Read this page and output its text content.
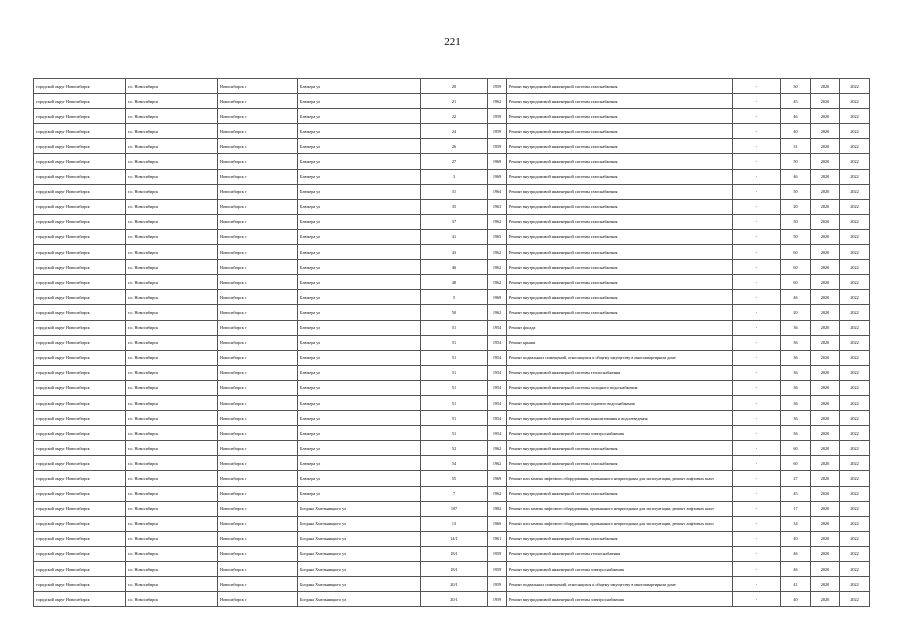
221
городской округ Новосибирск	г.о. Новосибирск	Новосибирск г	Блюхера ул	20	1959	Ремонт внутридомовой инженерной системы газоснабжения	-	30	2020	2022
городской округ Новосибирск	г.о. Новосибирск	Новосибирск г	Блюхера ул	21	1962	Ремонт внутридомовой инженерной системы газоснабжения	-	45	2020	2022
городской округ Новосибирск	г.о. Новосибирск	Новосибирск г	Блюхера ул	22	1959	Ремонт внутридомовой инженерной системы газоснабжения	-	46	2020	2022
городской округ Новосибирск	г.о. Новосибирск	Новосибирск г	Блюхера ул	24	1959	Ремонт внутридомовой инженерной системы газоснабжения	-	40	2020	2022
городской округ Новосибирск	г.о. Новосибирск	Новосибирск г	Блюхера ул	26	1959	Ремонт внутридомовой инженерной системы газоснабжения	-	31	2020	2022
городской округ Новосибирск	г.о. Новосибирск	Новосибирск г	Блюхера ул	27	1969	Ремонт внутридомовой инженерной системы газоснабжения	-	50	2020	2022
городской округ Новосибирск	г.о. Новосибирск	Новосибирск г	Блюхера ул	3	1969	Ремонт внутридомовой инженерной системы газоснабжения	-	46	2020	2022
городской округ Новосибирск	г.о. Новосибирск	Новосибирск г	Блюхера ул	31	1964	Ремонт внутридомовой инженерной системы газоснабжения	-	50	2020	2022
городской округ Новосибирск	г.о. Новосибирск	Новосибирск г	Блюхера ул	35	1963	Ремонт внутридомовой инженерной системы газоснабжения	-	20	2020	2022
городской округ Новосибирск	г.о. Новосибирск	Новосибирск г	Блюхера ул	37	1962	Ремонт внутридомовой инженерной системы газоснабжения	-	30	2020	2022
городской округ Новосибирск	г.о. Новосибирск	Новосибирск г	Блюхера ул	41	1965	Ремонт внутридомовой инженерной системы газоснабжения	-	50	2020	2022
городской округ Новосибирск	г.о. Новосибирск	Новосибирск г	Блюхера ул	43	1962	Ремонт внутридомовой инженерной системы газоснабжения	-	60	2020	2022
городской округ Новосибирск	г.о. Новосибирск	Новосибирск г	Блюхера ул	46	1962	Ремонт внутридомовой инженерной системы газоснабжения	-	60	2020	2022
городской округ Новосибирск	г.о. Новосибирск	Новосибирск г	Блюхера ул	48	1962	Ремонт внутридомовой инженерной системы газоснабжения	-	60	2020	2022
городской округ Новосибирск	г.о. Новосибирск	Новосибирск г	Блюхера ул	5	1969	Ремонт внутридомовой инженерной системы газоснабжения	-	46	2020	2022
городской округ Новосибирск	г.о. Новосибирск	Новосибирск г	Блюхера ул	50	1962	Ремонт внутридомовой инженерной системы газоснабжения	-	20	2020	2022
городской округ Новосибирск	г.о. Новосибирск	Новосибирск г	Блюхера ул	51	1954	Ремонт фасада	-	36	2020	2022
городской округ Новосибирск	г.о. Новосибирск	Новосибирск г	Блюхера ул	51	1954	Ремонт крыши	-	36	2020	2022
городской округ Новосибирск	г.о. Новосибирск	Новосибирск г	Блюхера ул	51	1954	Ремонт подвальных помещений, относящихся к общему имуществу в многоквартирном доме	-	36	2020	2022
городской округ Новосибирск	г.о. Новосибирск	Новосибирск г	Блюхера ул	51	1954	Ремонт внутридомовой инженерной системы теплоснабжения	-	36	2020	2022
городской округ Новосибирск	г.о. Новосибирск	Новосибирск г	Блюхера ул	51	1954	Ремонт внутридомовой инженерной системы холодного водоснабжения	-	36	2020	2022
городской округ Новосибирск	г.о. Новосибирск	Новосибирск г	Блюхера ул	51	1954	Ремонт внутридомовой инженерной системы горячего водоснабжения	-	36	2020	2022
городской округ Новосибирск	г.о. Новосибирск	Новосибирск г	Блюхера ул	51	1954	Ремонт внутридомовой инженерной системы канализования и водоотведения	-	36	2020	2022
городской округ Новосибирск	г.о. Новосибирск	Новосибирск г	Блюхера ул	51	1954	Ремонт внутридомовой инженерной системы электроснабжения	-	36	2020	2022
городской округ Новосибирск	г.о. Новосибирск	Новосибирск г	Блюхера ул	52	1962	Ремонт внутридомовой инженерной системы газоснабжения	-	60	2020	2022
городской округ Новосибирск	г.о. Новосибирск	Новосибирск г	Блюхера ул	54	1962	Ремонт внутридомовой инженерной системы газоснабжения	-	60	2020	2022
городской округ Новосибирск	г.о. Новосибирск	Новосибирск г	Блюхера ул	55	1969	Ремонт или замена лифтового оборудования, признанного непригодным для эксплуатации, ремонт лифтовых шахт	-	27	2020	2022
городской округ Новосибирск	г.о. Новосибирск	Новосибирск г	Блюхера ул	7	1962	Ремонт внутридомовой инженерной системы газоснабжения	-	45	2020	2022
городской округ Новосибирск	г.о. Новосибирск	Новосибирск г	Богдана Хмельницкого ул	107	1982	Ремонт или замена лифтового оборудования, признанного непригодным для эксплуатации, ремонт лифтовых шахт	-	17	2020	2022
городской округ Новосибирск	г.о. Новосибирск	Новосибирск г	Богдана Хмельницкого ул	13	1966	Ремонт или замена лифтового оборудования, признанного непригодным для эксплуатации, ремонт лифтовых шахт	-	34	2020	2022
городской округ Новосибирск	г.о. Новосибирск	Новосибирск г	Богдана Хмельницкого ул	14/1	1961	Ремонт внутридомовой инженерной системы газоснабжения	-	40	2020	2022
городской округ Новосибирск	г.о. Новосибирск	Новосибирск г	Богдана Хмельницкого ул	18/1	1959	Ремонт внутридомовой инженерной системы теплоснабжения	-	46	2020	2022
городской округ Новосибирск	г.о. Новосибирск	Новосибирск г	Богдана Хмельницкого ул	18/1	1959	Ремонт внутридомовой инженерной системы электроснабжения	-	46	2020	2022
городской округ Новосибирск	г.о. Новосибирск	Новосибирск г	Богдана Хмельницкого ул	20/1	1959	Ремонт подвальных помещений, относящихся к общему имуществу в многоквартирном доме	-	41	2020	2022
городской округ Новосибирск	г.о. Новосибирск	Новосибирск г	Богдана Хмельницкого ул	20/1	1959	Ремонт внутридомовой инженерной системы электроснабжения	-	40	2020	2022
